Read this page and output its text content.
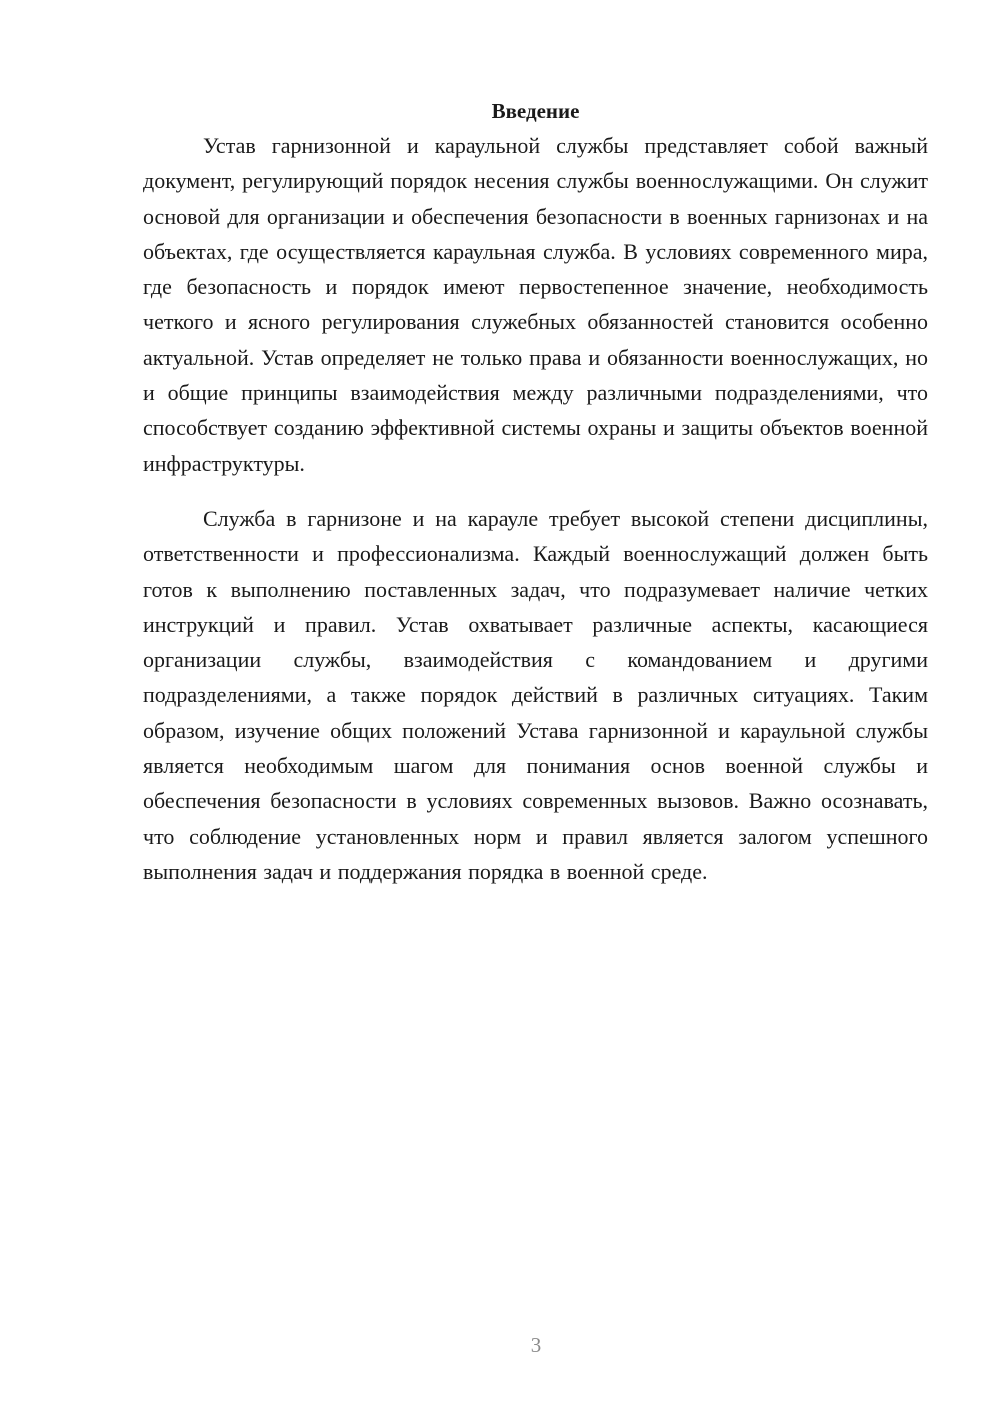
Введение

Устав гарнизонной и караульной службы представляет собой важный документ, регулирующий порядок несения службы военнослужащими. Он служит основой для организации и обеспечения безопасности в военных гарнизонах и на объектах, где осуществляется караульная служба. В условиях современного мира, где безопасность и порядок имеют первостепенное значение, необходимость четкого и ясного регулирования служебных обязанностей становится особенно актуальной. Устав определяет не только права и обязанности военнослужащих, но и общие принципы взаимодействия между различными подразделениями, что способствует созданию эффективной системы охраны и защиты объектов военной инфраструктуры.

Служба в гарнизоне и на карауле требует высокой степени дисциплины, ответственности и профессионализма. Каждый военнослужащий должен быть готов к выполнению поставленных задач, что подразумевает наличие четких инструкций и правил. Устав охватывает различные аспекты, касающиеся организации службы, взаимодействия с командованием и другими подразделениями, а также порядок действий в различных ситуациях. Таким образом, изучение общих положений Устава гарнизонной и караульной службы является необходимым шагом для понимания основ военной службы и обеспечения безопасности в условиях современных вызовов. Важно осознавать, что соблюдение установленных норм и правил является залогом успешного выполнения задач и поддержания порядка в военной среде.

3
